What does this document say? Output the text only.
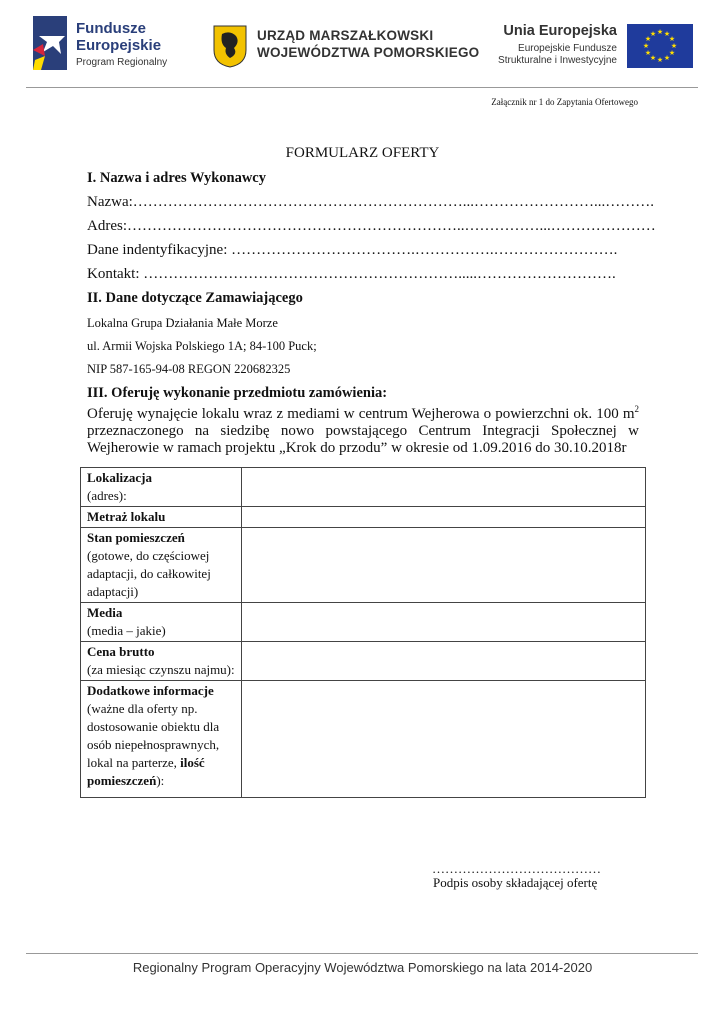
Fundusze
Europejskie
Program Regionalny
URZĄD MARSZAŁKOWSKI
WOJEWÓDZTWA POMORSKIEGO
Unia Europejska
Europejskie Fundusze
Strukturalne i Inwestycyjne
★ ★
★
★
★
★
★
★
★
★
★
★
Załącznik nr 1 do Zapytania Ofertowego
FORMULARZ OFERTY
I. Nazwa i adres Wykonawcy
Nazwa:…………………………………………………………...……………………...……….
Adres:…………………………………………………………..……………...…………………
Dane indentyfikacyjne: ……………………………….…………….…………………….
Kontakt: ……………………………………………………….....……………………….
II. Dane dotyczące Zamawiającego
Lokalna Grupa Działania Małe Morze
ul. Armii Wojska Polskiego 1A; 84-100 Puck;
NIP 587-165-94-08 REGON 220682325
III. Oferuję wykonanie przedmiotu zamówienia:
Oferuję wynajęcie lokalu wraz z mediami w centrum Wejherowa o powierzchni ok. 100 $m^2$ przeznaczonego na siedzibę nowo powstającego Centrum Integracji Społecznej w Wejherowie w ramach projektu „Krok do przodu” w okresie od 1.09.2016 do 30.10.2018r
Lokalizacja
(adres):	
Metraż lokalu	
Stan pomieszczeń
(gotowe, do częściowej adaptacji, do całkowitej adaptacji)	
Media
(media – jakie)	
Cena brutto
(za miesiąc czynszu najmu):	
Dodatkowe informacje
(ważne dla oferty np. dostosowanie obiektu dla osób niepełnosprawnych, lokal na parterze, ilość pomieszczeń):	
…………………………………
Podpis osoby składającej ofertę
Regionalny Program Operacyjny Województwa Pomorskiego na lata 2014-2020
